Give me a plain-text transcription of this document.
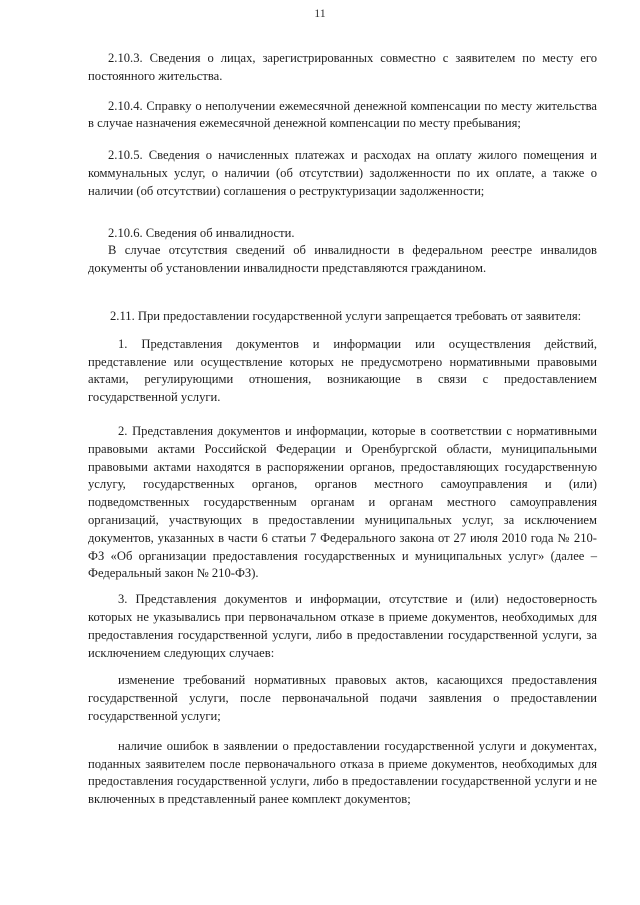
11

2.10.3. Сведения о лицах, зарегистрированных совместно с заявителем по месту его постоянного жительства.

2.10.4. Справку о неполучении ежемесячной денежной компенсации по месту жительства в случае назначения ежемесячной денежной компенсации по месту пребывания;

2.10.5. Сведения о начисленных платежах и расходах на оплату жилого помещения и коммунальных услуг, о наличии (об отсутствии) задолженности по их оплате, а также о наличии (об отсутствии) соглашения о реструктуризации задолженности;

2.10.6. Сведения об инвалидности.

В случае отсутствия сведений об инвалидности в федеральном реестре инвалидов документы об установлении инвалидности представляются гражданином.

2.11. При предоставлении государственной услуги запрещается требовать от заявителя:

1. Представления документов и информации или осуществления действий, представление или осуществление которых не предусмотрено нормативными правовыми актами, регулирующими отношения, возникающие в связи с предоставлением государственной услуги.

2. Представления документов и информации, которые в соответствии с нормативными правовыми актами Российской Федерации и Оренбургской области, муниципальными правовыми актами находятся в распоряжении органов, предоставляющих государственную услугу, государственных органов, органов местного самоуправления и (или) подведомственных государственным органам и органам местного самоуправления организаций, участвующих в предоставлении муниципальных услуг, за исключением документов, указанных в части 6 статьи 7 Федерального закона от 27 июля 2010 года № 210-ФЗ «Об организации предоставления государственных и муниципальных услуг» (далее – Федеральный закон № 210-ФЗ).

3. Представления документов и информации, отсутствие и (или) недостоверность которых не указывались при первоначальном отказе в приеме документов, необходимых для предоставления государственной услуги, либо в предоставлении государственной услуги, за исключением следующих случаев:

изменение требований нормативных правовых актов, касающихся предоставления государственной услуги, после первоначальной подачи заявления о предоставлении государственной услуги;

наличие ошибок в заявлении о предоставлении государственной услуги и документах, поданных заявителем после первоначального отказа в приеме документов, необходимых для предоставления государственной услуги, либо в предоставлении государственной услуги и не включенных в представленный ранее комплект документов;
